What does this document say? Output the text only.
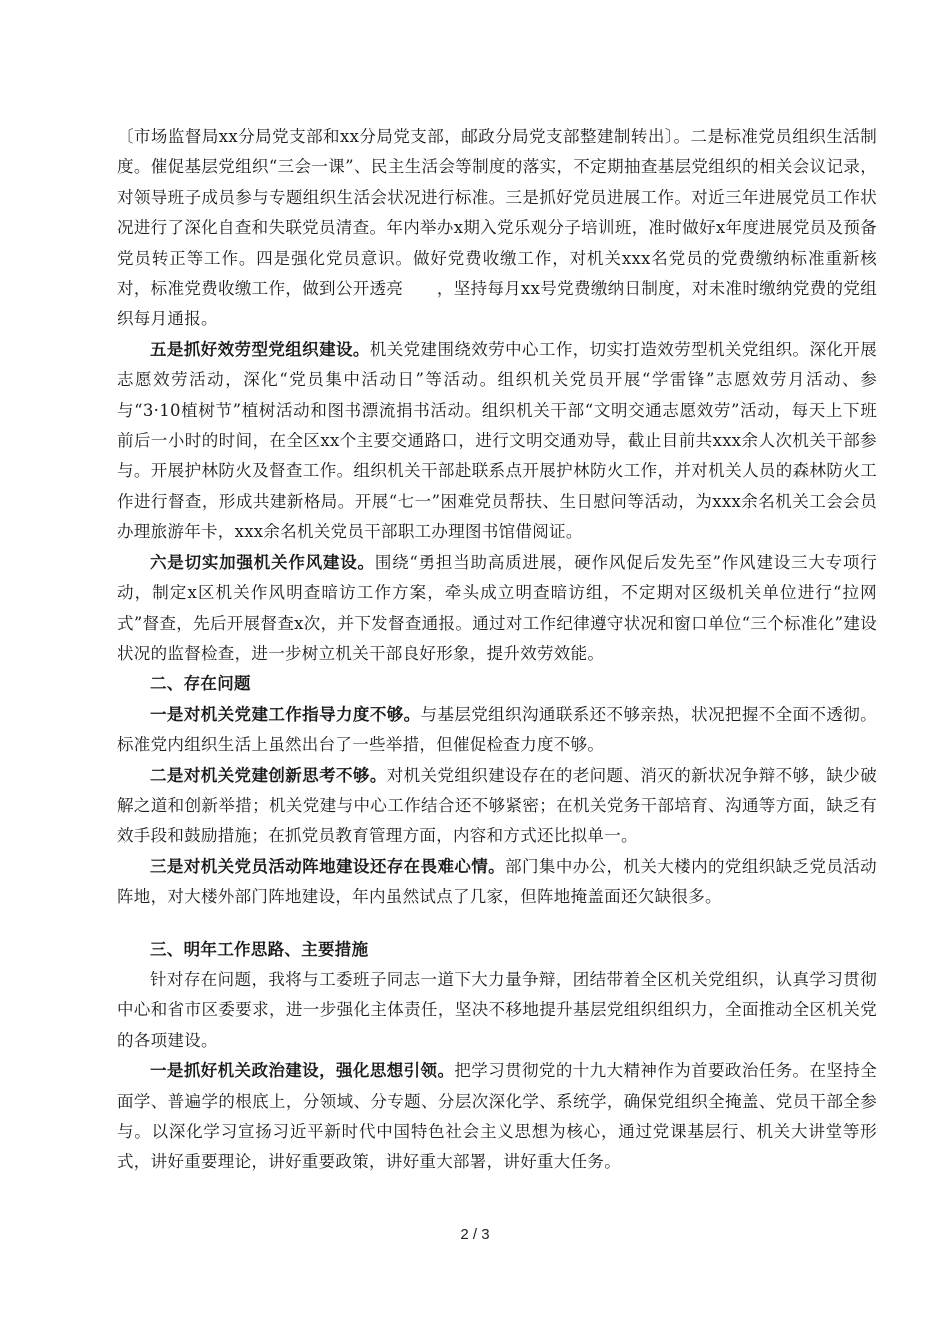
〔市场监督局xx分局党支部和xx分局党支部，邮政分局党支部整建制转出〕。二是标准党员组织生活制度。催促基层党组织“三会一课”、民主生活会等制度的落实，不定期抽查基层党组织的相关会议记录，对领导班子成员参与专题组织生活会状况进行标准。三是抓好党员进展工作。对近三年进展党员工作状况进行了深化自查和失联党员清查。年内举办x期入党乐观分子培训班，准时做好x年度进展党员及预备党员转正等工作。四是强化党员意识。做好党费收缴工作，对机关xxx名党员的党费缴纳标准重新核对，标准党费收缴工作，做到公开透亮　　，坚持每月xx号党费缴纳日制度，对未准时缴纳党费的党组织每月通报。

五是抓好效劳型党组织建设。机关党建围绕效劳中心工作，切实打造效劳型机关党组织。深化开展志愿效劳活动，深化“党员集中活动日”等活动。组织机关党员开展“学雷锋”志愿效劳月活动、参与“3·10植树节”植树活动和图书漂流捐书活动。组织机关干部“文明交通志愿效劳”活动，每天上下班前后一小时的时间，在全区xx个主要交通路口，进行文明交通劝导，截止目前共xxx余人次机关干部参与。开展护林防火及督查工作。组织机关干部赴联系点开展护林防火工作，并对机关人员的森林防火工作进行督查，形成共建新格局。开展“七一”困难党员帮扶、生日慰问等活动，为xxx余名机关工会会员办理旅游年卡，xxx余名机关党员干部职工办理图书馆借阅证。

六是切实加强机关作风建设。围绕“勇担当助高质进展，硬作风促后发先至”作风建设三大专项行动，制定x区机关作风明查暗访工作方案，牵头成立明查暗访组，不定期对区级机关单位进行“拉网式”督查，先后开展督查x次，并下发督查通报。通过对工作纪律遵守状况和窗口单位“三个标准化”建设状况的监督检查，进一步树立机关干部良好形象，提升效劳效能。

二、存在问题

一是对机关党建工作指导力度不够。与基层党组织沟通联系还不够亲热，状况把握不全面不透彻。标准党内组织生活上虽然出台了一些举措，但催促检查力度不够。

二是对机关党建创新思考不够。对机关党组织建设存在的老问题、消灭的新状况争辩不够，缺少破解之道和创新举措；机关党建与中心工作结合还不够紧密；在机关党务干部培育、沟通等方面，缺乏有效手段和鼓励措施；在抓党员教育管理方面，内容和方式还比拟单一。

三是对机关党员活动阵地建设还存在畏难心情。部门集中办公，机关大楼内的党组织缺乏党员活动阵地，对大楼外部门阵地建设，年内虽然试点了几家，但阵地掩盖面还欠缺很多。

三、明年工作思路、主要措施

针对存在问题，我将与工委班子同志一道下大力量争辩，团结带着全区机关党组织，认真学习贯彻中心和省市区委要求，进一步强化主体责任，坚决不移地提升基层党组织组织力，全面推动全区机关党的各项建设。

一是抓好机关政治建设，强化思想引领。把学习贯彻党的十九大精神作为首要政治任务。在坚持全面学、普遍学的根底上，分领域、分专题、分层次深化学、系统学，确保党组织全掩盖、党员干部全参与。以深化学习宣扬习近平新时代中国特色社会主义思想为核心，通过党课基层行、机关大讲堂等形式，讲好重要理论，讲好重要政策，讲好重大部署，讲好重大任务。

2 / 3
